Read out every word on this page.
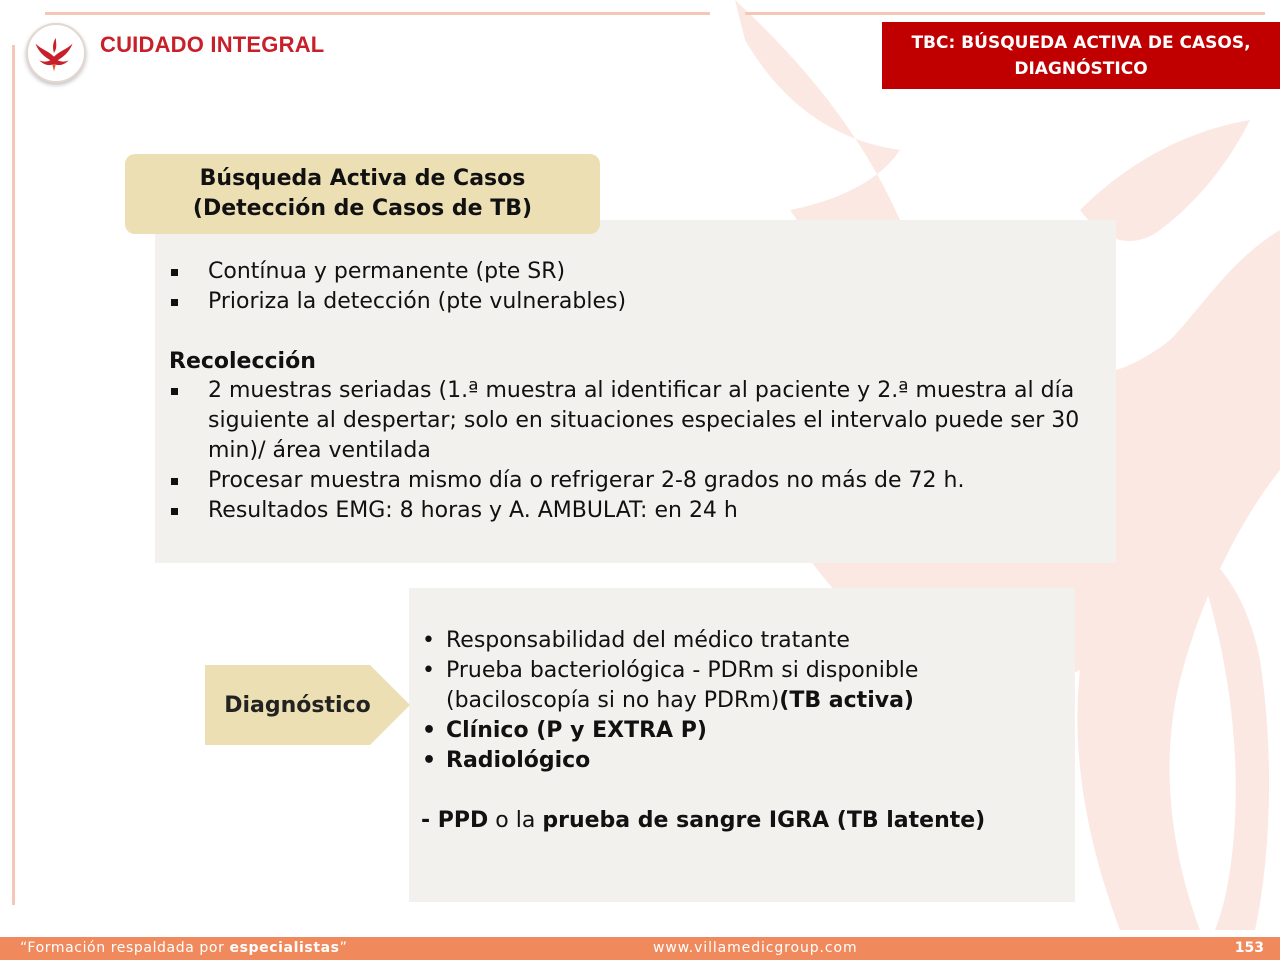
CUIDADO INTEGRAL	TBC: BÚSQUEDA ACTIVA DE CASOS,
DIAGNÓSTICO
Búsqueda Activa de Casos
(Detección de Casos de TB)
Contínua y permanente (pte SR)
Prioriza la detección (pte vulnerables)
Recolección
2 muestras seriadas (1.ª muestra al identificar al paciente y 2.ª muestra al día siguiente al despertar; solo en situaciones especiales el intervalo puede ser 30 min)/ área ventilada
Procesar muestra mismo día o refrigerar 2-8 grados no más de 72 h.
Resultados EMG: 8 horas y A. AMBULAT: en 24 h
Diagnóstico
• Responsabilidad del médico tratante
• Prueba bacteriológica - PDRm si disponible (baciloscopía si no hay PDRm)(TB activa)
• Clínico (P y EXTRA P)
• Radiológico
- PPD o la prueba de sangre IGRA (TB latente)
“Formación respaldada por especialistas”	www.villamedicgroup.com	153
